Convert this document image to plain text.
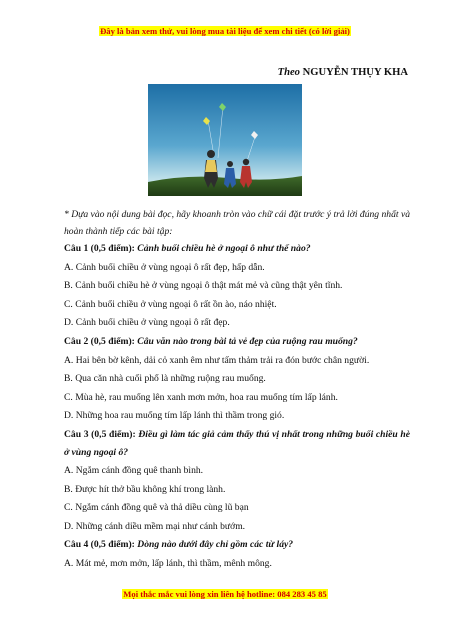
Đây là bản xem thử, vui lòng mua tài liệu để xem chi tiết (có lời giải)
Theo NGUYỄN THỤY KHA

* Dựa vào nội dung bài đọc, hãy khoanh tròn vào chữ cái đặt trước ý trả lời đúng nhất và hoàn thành tiếp các bài tập:

Câu 1 (0,5 điểm): Cảnh buổi chiều hè ở ngoại ô như thế nào?

A. Cảnh buổi chiều ở vùng ngoại ô rất đẹp, hấp dẫn.

B. Cảnh buổi chiều hè ở vùng ngoại ô thật mát mẻ và cũng thật yên tĩnh.

C. Cảnh buổi chiều ở vùng ngoại ô rất ồn ào, náo nhiệt.

D. Cảnh buổi chiều ở vùng ngoại ô rất đẹp.

Câu 2 (0,5 điểm): Câu văn nào trong bài tả vẻ đẹp của ruộng rau muống?

A. Hai bên bờ kênh, dải cỏ xanh êm như tấm thảm trải ra đón bước chân người.

B. Qua căn nhà cuối phố là những ruộng rau muống.

C. Mùa hè, rau muống lên xanh mơn mởn, hoa rau muống tím lấp lánh.

D. Những hoa rau muống tím lấp lánh thì thầm trong gió.

Câu 3 (0,5 điểm): Điều gì làm tác giả cảm thấy thú vị nhất trong những buổi chiều hè ở vùng ngoại ô?

A. Ngắm cánh đồng quê thanh bình.

B. Được hít thở bầu không khí trong lành.

C. Ngắm cánh đồng quê và thả diều cùng lũ bạn

D. Những cánh diều mềm mại như cánh bướm.

Câu 4 (0,5 điểm): Dòng nào dưới đây chỉ gồm các từ láy?

A. Mát mẻ, mơn mởn, lấp lánh, thì thầm, mênh mông.

Mọi thắc mắc vui lòng xin liên hệ hotline: 084 283 45 85
